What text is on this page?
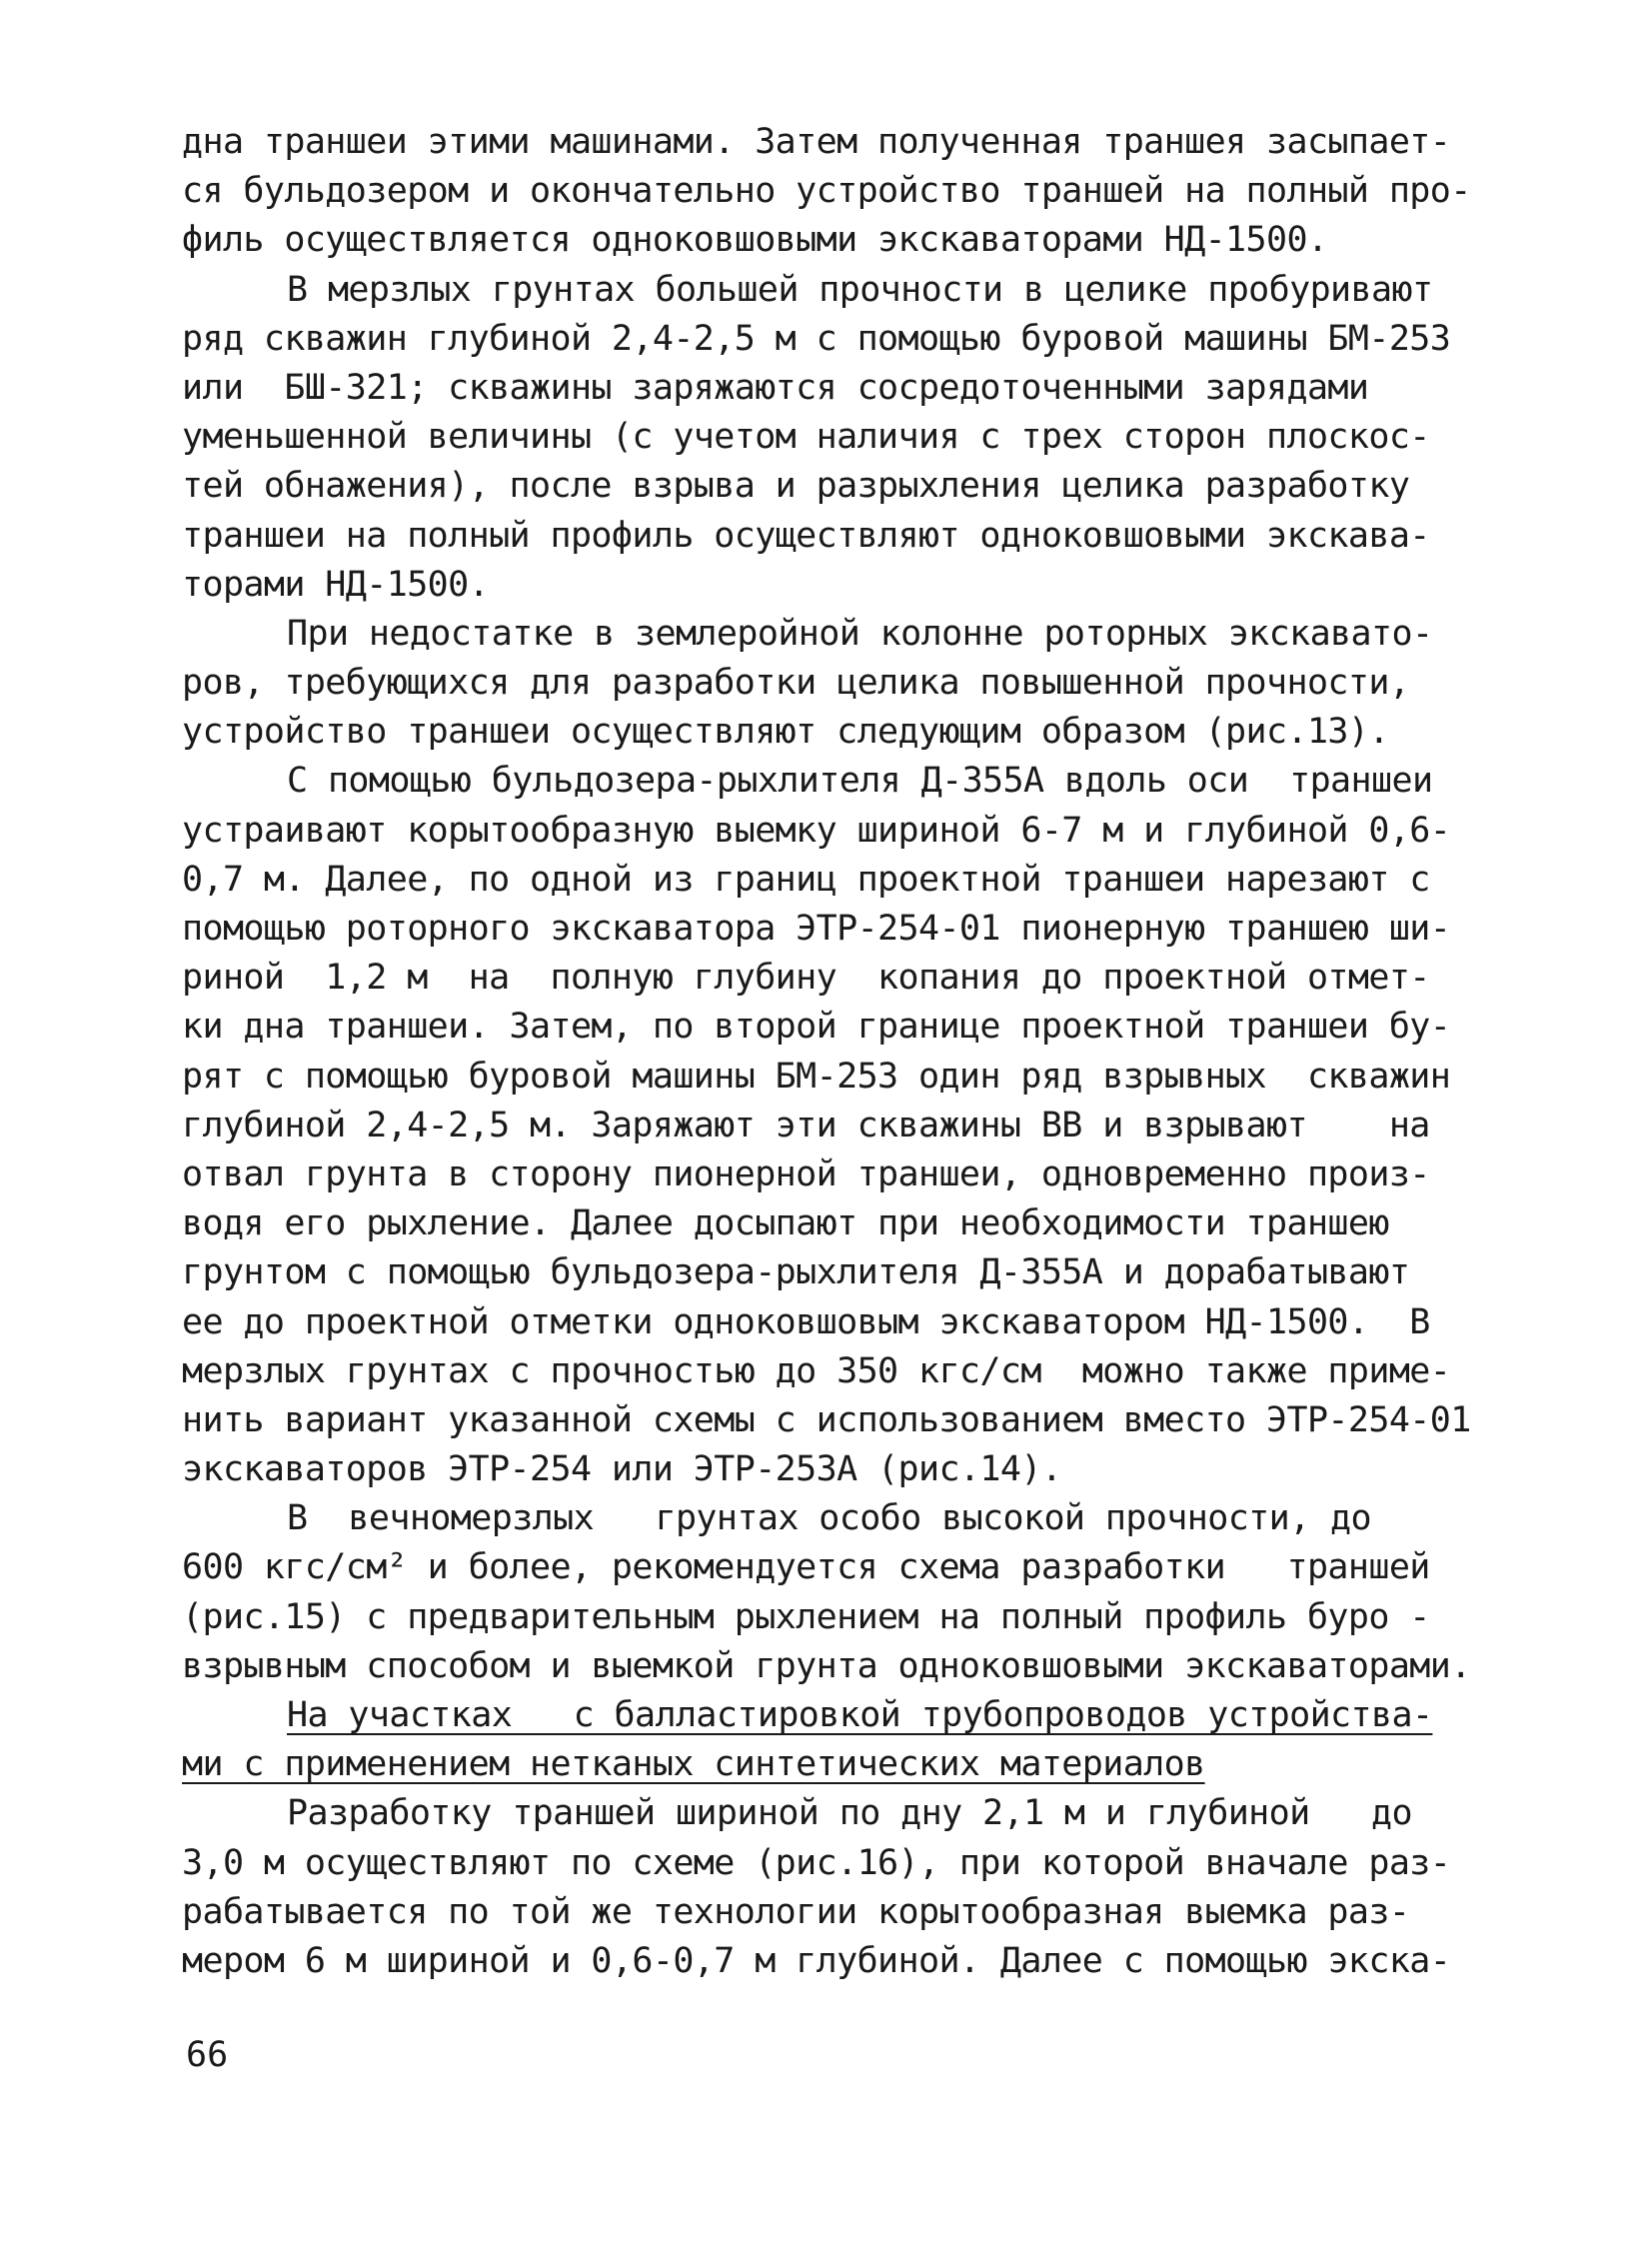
дна траншеи этими машинами. Затем полученная траншея засыпает-
ся бульдозером и окончательно устройство траншей на полный про-
филь осуществляется одноковшовыми экскаваторами НД-1500.
В мерзлых грунтах большей прочности в целике пробуривают
ряд скважин глубиной 2,4-2,5 м с помощью буровой машины БМ-253
или  БШ-321; скважины заряжаются сосредоточенными зарядами
уменьшенной величины (с учетом наличия с трех сторон плоскос-
тей обнажения), после взрыва и разрыхления целика разработку
траншеи на полный профиль осуществляют одноковшовыми экскава-
торами НД-1500.
При недостатке в землеройной колонне роторных экскавато-
ров, требующихся для разработки целика повышенной прочности,
устройство траншеи осуществляют следующим образом (рис.13).
С помощью бульдозера-рыхлителя Д-355А вдоль оси  траншеи
устраивают корытообразную выемку шириной 6-7 м и глубиной 0,6-
0,7 м. Далее, по одной из границ проектной траншеи нарезают с
помощью роторного экскаватора ЭТР-254-01 пионерную траншею ши-
риной  1,2 м  на  полную глубину  копания до проектной отмет-
ки дна траншеи. Затем, по второй границе проектной траншеи бу-
рят с помощью буровой машины БМ-253 один ряд взрывных  скважин
глубиной 2,4-2,5 м. Заряжают эти скважины ВВ и взрывают    на
отвал грунта в сторону пионерной траншеи, одновременно произ-
водя его рыхление. Далее досыпают при необходимости траншею
грунтом с помощью бульдозера-рыхлителя Д-355А и дорабатывают
ее до проектной отметки одноковшовым экскаватором НД-1500.  В
мерзлых грунтах с прочностью до 350 кгс/см  можно также приме-
нить вариант указанной схемы с использованием вместо ЭТР-254-01
экскаваторов ЭТР-254 или ЭТР-253А (рис.14).
В  вечномерзлых   грунтах особо высокой прочности, до
600 кгс/см² и более, рекомендуется схема разработки   траншей
(рис.15) с предварительным рыхлением на полный профиль буро -
взрывным способом и выемкой грунта одноковшовыми экскаваторами.
На участках   с балластировкой трубопроводов устройства-
ми с применением нетканых синтетических материалов
Разработку траншей шириной по дну 2,1 м и глубиной   до
3,0 м осуществляют по схеме (рис.16), при которой вначале раз-
рабатывается по той же технологии корытообразная выемка раз-
мером 6 м шириной и 0,6-0,7 м глубиной. Далее с помощью экска-
66
